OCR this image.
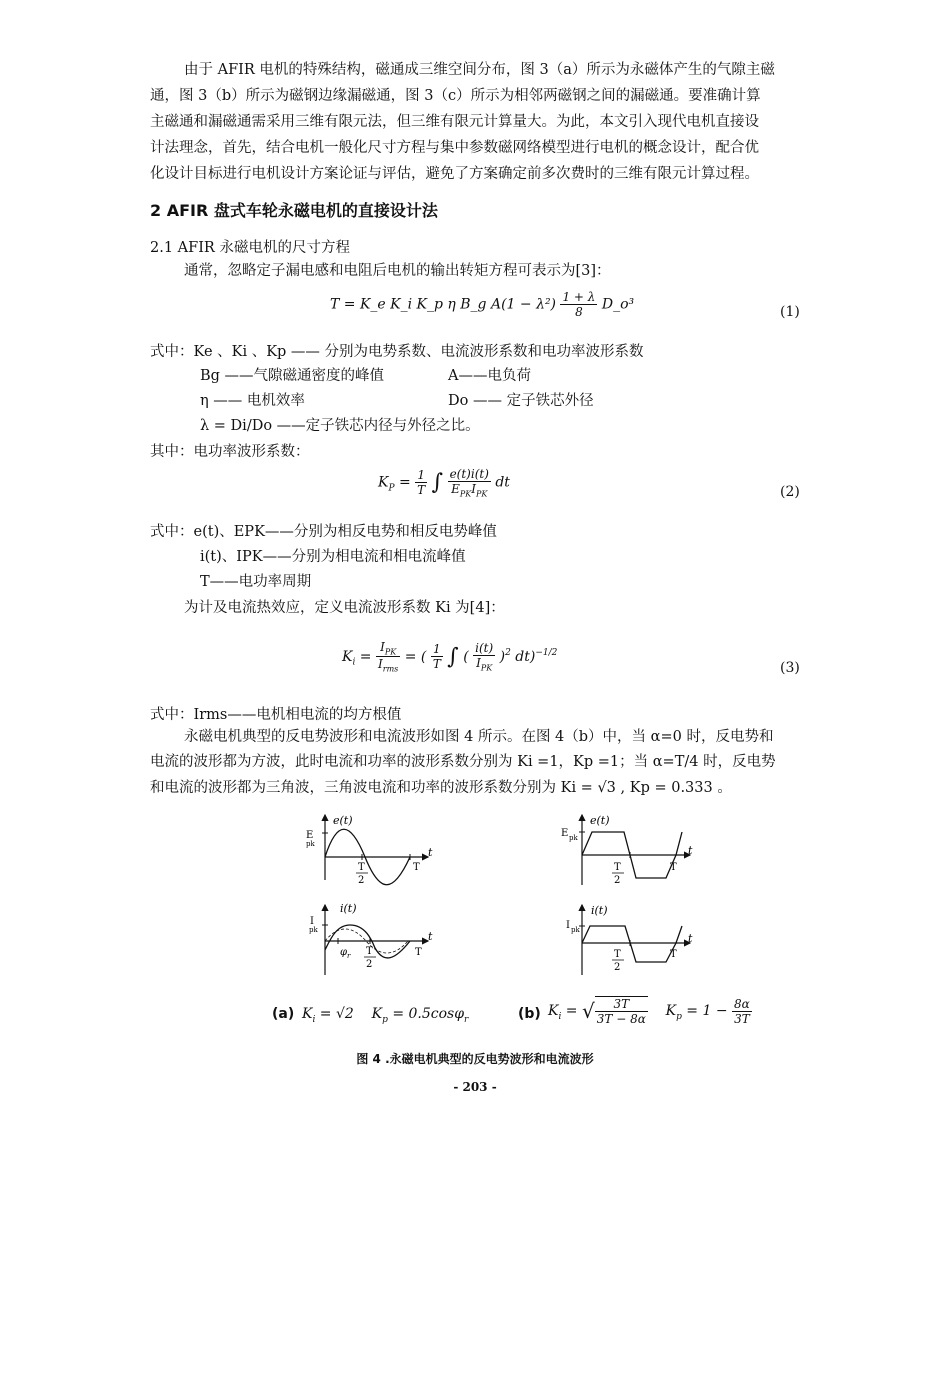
由于 AFIR 电机的特殊结构，磁通成三维空间分布，图 3（a）所示为永磁体产生的气隙主磁
通，图 3（b）所示为磁钢边缘漏磁通，图 3（c）所示为相邻两磁钢之间的漏磁通。要准确计算
主磁通和漏磁通需采用三维有限元法，但三维有限元计算量大。为此，本文引入现代电机直接设
计法理念，首先，结合电机一般化尺寸方程与集中参数磁网络模型进行电机的概念设计，配合优
化设计目标进行电机设计方案论证与评估，避免了方案确定前多次费时的三维有限元计算过程。
2 AFIR 盘式车轮永磁电机的直接设计法
2.1 AFIR 永磁电机的尺寸方程
通常，忽略定子漏电感和电阻后电机的输出转矩方程可表示为[3]：
T = K_e K_i K_p η B_g $A(1 - \lambda^2) \frac{1 + \lambda}{8}$ D_o³	(1)
式中：Ke 、Ki 、Kp —— 分别为电势系数、电流波形系数和电功率波形系数
Bg ——气隙磁通密度的峰值	A——电负荷
η —— 电机效率	Do —— 定子铁芯外径
λ = Di/Do ——定子铁芯内径与外径之比。
其中：电功率波形系数：
$K_P = \frac{1}{T}$ ∫ $\frac{e(t)i(t)}{E_{PK}I_{PK}}$ dt
(2)
式中：e(t)、EPK——分别为相反电势和相反电势峰值
i(t)、IPK——分别为相电流和相电流峰值
T——电功率周期
为计及电流热效应，定义电流波形系数 Ki 为[4]：
$K_i = \frac{I_{PK}}{I_{rms}}$ = ( $\frac{1}{T}$ ∫ ( $\frac{i(t)}{I_{PK}} )^2$ dt)$^{-1/2}$
(3)
式中：Irms——电机相电流的均方根值
永磁电机典型的反电势波形和电流波形如图 4 所示。在图 4（b）中，当 α=0 时，反电势和
电流的波形都为方波，此时电流和功率的波形系数分别为 Ki =1，Kp =1；当 α=T/4 时，反电势
和电流的波形都为三角波，三角波电流和功率的波形系数分别为 Ki = √3 , Kp = 0.333 。
e(t)
E
pk
t
T
T
2
i(t)
I
pk	t
T
φ r T
2
e(t)
E pk
t
T
T
2
i(t)
I pk
t
T
T
2
(a) $K_i = √2$ $K_p = 0.5\cos\varphi_r$	(b) $K_i$ = √ $\frac{3T}{3T - 8\alpha} K_p = 1 - \frac{8\alpha}{3T}$
图 4 .永磁电机典型的反电势波形和电流波形
- 203 -
